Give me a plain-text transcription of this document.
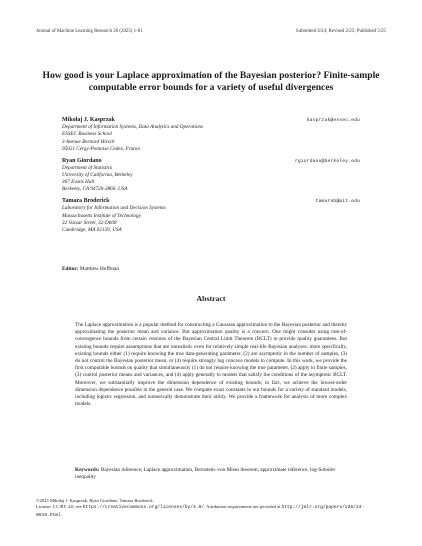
Journal of Machine Learning Research 26 (2025) 1-81	Submitted 4/24; Revised 2/25; Published 5/25
How good is your Laplace approximation of the Bayesian posterior? Finite-sample computable error bounds for a variety of useful divergences
Mikołaj J. Kasprzak	kasprzak@essec.edu
Department of Information Systems, Data Analytics and Operations
ESSEC Business School
3 Avenue Bernard Hirsch
95021 Cergy-Pontoise Cedex, France
Ryan Giordano	rgiordano@berkeley.edu
Department of Statistics
University of California, Berkeley
367 Evans Hall
Berkeley, CA 94720-3860, USA
Tamara Broderick	tamarab@mit.edu
Laboratory for Information and Decision Systems
Massachusetts Institute of Technology
32 Vassar Street, 32-D608
Cambridge, MA 02139, USA
Editor: Matthew Hoffman
Abstract
The Laplace approximation is a popular method for constructing a Gaussian approximation to the Bayesian posterior and thereby approximating the posterior mean and variance. But approximation quality is a concern. One might consider using rate-of-convergence bounds from certain versions of the Bayesian Central Limit Theorem (BCLT) to provide quality guarantees. But existing bounds require assumptions that are unrealistic even for relatively simple real-life Bayesian analyses; more specifically, existing bounds either (1) require knowing the true data-generating parameter, (2) are asymptotic in the number of samples, (3) do not control the Bayesian posterior mean, or (4) require strongly log concave models to compute. In this work, we provide the first computable bounds on quality that simultaneously (1) do not require knowing the true parameter, (2) apply to finite samples, (3) control posterior means and variances, and (4) apply generally to models that satisfy the conditions of the asymptotic BCLT. Moreover, we substantially improve the dimension dependence of existing bounds; in fact, we achieve the lowest-order dimension dependence possible in the general case. We compute exact constants in our bounds for a variety of standard models, including logistic regression, and numerically demonstrate their utility. We provide a framework for analysis of more complex models.
Keywords: Bayesian inference, Laplace approximation, Bernstein–von Mises theorem, approximate inference, log-Sobolev inequality
©2025 Mikołaj J. Kasprzak, Ryan Giordano, Tamara Broderick.
License: CC-BY 4.0, see https://creativecommons.org/licenses/by/4.0/. Attribution requirements are provided at http://jmlr.org/papers/v26/24-0619.html.
